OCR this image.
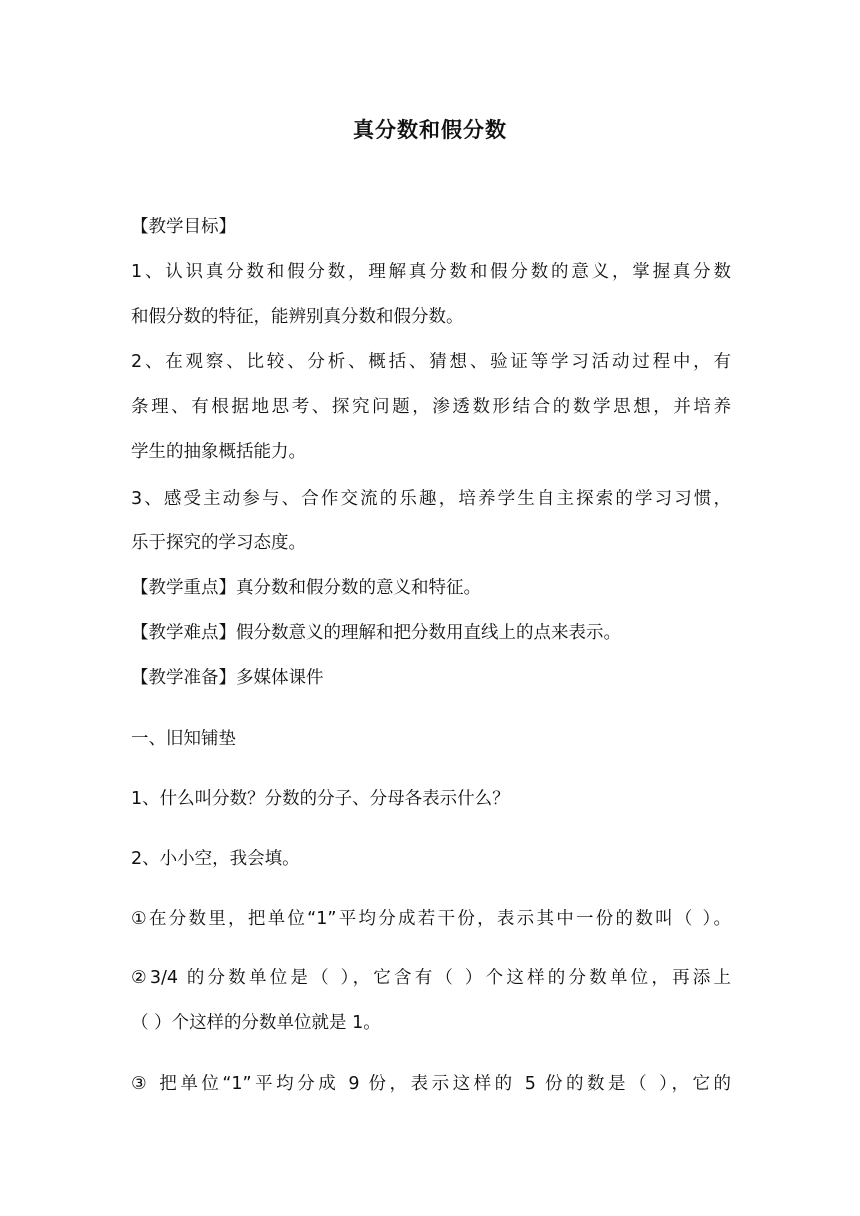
真分数和假分数
【教学目标】
1、认识真分数和假分数，理解真分数和假分数的意义，掌握真分数
和假分数的特征，能辨别真分数和假分数。
2、在观察、比较、分析、概括、猜想、验证等学习活动过程中，有
条理、有根据地思考、探究问题，渗透数形结合的数学思想，并培养
学生的抽象概括能力。
3、感受主动参与、合作交流的乐趣，培养学生自主探索的学习习惯，
乐于探究的学习态度。
【教学重点】真分数和假分数的意义和特征。
【教学难点】假分数意义的理解和把分数用直线上的点来表示。
【教学准备】多媒体课件
一、旧知铺垫
1、什么叫分数？分数的分子、分母各表示什么？
2、小小空，我会填。
①在分数里，把单位“1”平均分成若干份，表示其中一份的数叫（ ）。
②3/4 的分数单位是（ ），它含有（ ）个这样的分数单位，再添上
（ ）个这样的分数单位就是 1。
③ 把单位“1”平均分成 9 份，表示这样的 5 份的数是（ ），它的
